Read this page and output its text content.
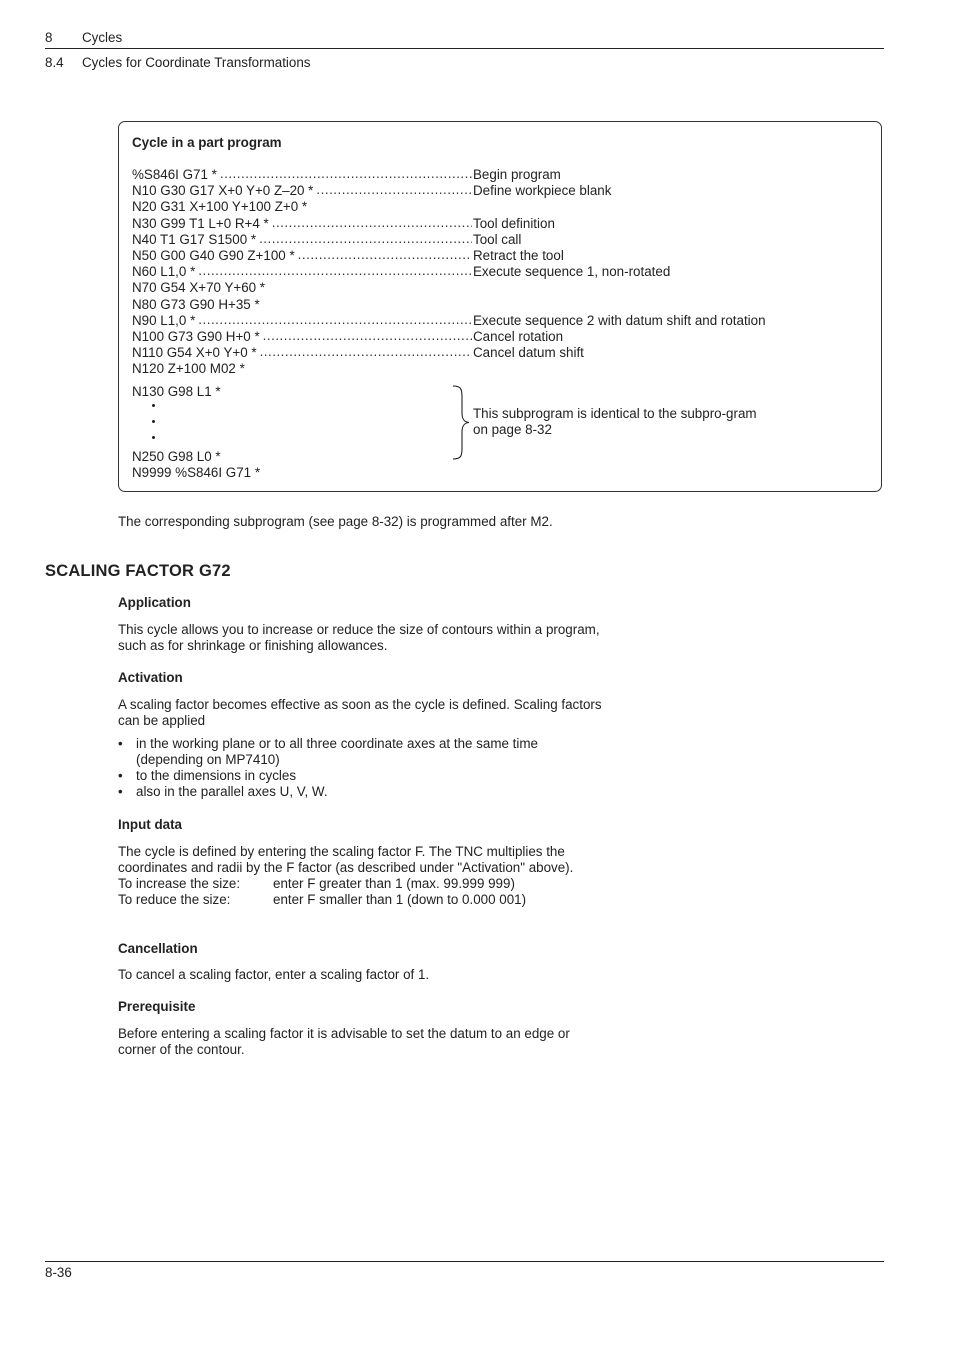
8 Cycles
8.4 Cycles for Coordinate Transformations
Cycle in a part program
%S846I G71 * .....	Begin program
N10 G30 G17 X+0 Y+0 Z–20 * .....	Define workpiece blank
N20 G31 X+100 Y+100 Z+0 *
N30 G99 T1 L+0 R+4 * .....	Tool definition
N40 T1 G17 S1500 * .....	Tool call
N50 G00 G40 G90 Z+100 * .....	Retract the tool
N60 L1,0 * .....	Execute sequence 1, non-rotated
N70 G54 X+70 Y+60 *
N80 G73 G90 H+35 *
N90 L1,0 * .....	Execute sequence 2 with datum shift and rotation
N100 G73 G90 H+0 * .....	Cancel rotation
N110 G54 X+0 Y+0 * .....	Cancel datum shift
N120 Z+100 M02 *
N130 G98 L1 *
N250 G98 L0 *
N9999 %S846I G71 *
This subprogram is identical to the subpro-gram on page 8-32
The corresponding subprogram (see page 8-32) is programmed after M2.
SCALING FACTOR G72
Application
This cycle allows you to increase or reduce the size of contours within a program, such as for shrinkage or finishing allowances.
Activation
A scaling factor becomes effective as soon as the cycle is defined. Scaling factors can be applied
• in the working plane or to all three coordinate axes at the same time (depending on MP7410)
• to the dimensions in cycles
• also in the parallel axes U, V, W.
Input data
The cycle is defined by entering the scaling factor F. The TNC multiplies the coordinates and radii by the F factor (as described under "Activation" above).
To increase the size:	enter F greater than 1 (max. 99.999 999)
To reduce the size:	enter F smaller than 1 (down to 0.000 001)
Cancellation
To cancel a scaling factor, enter a scaling factor of 1.
Prerequisite
Before entering a scaling factor it is advisable to set the datum to an edge or corner of the contour.
8-36
